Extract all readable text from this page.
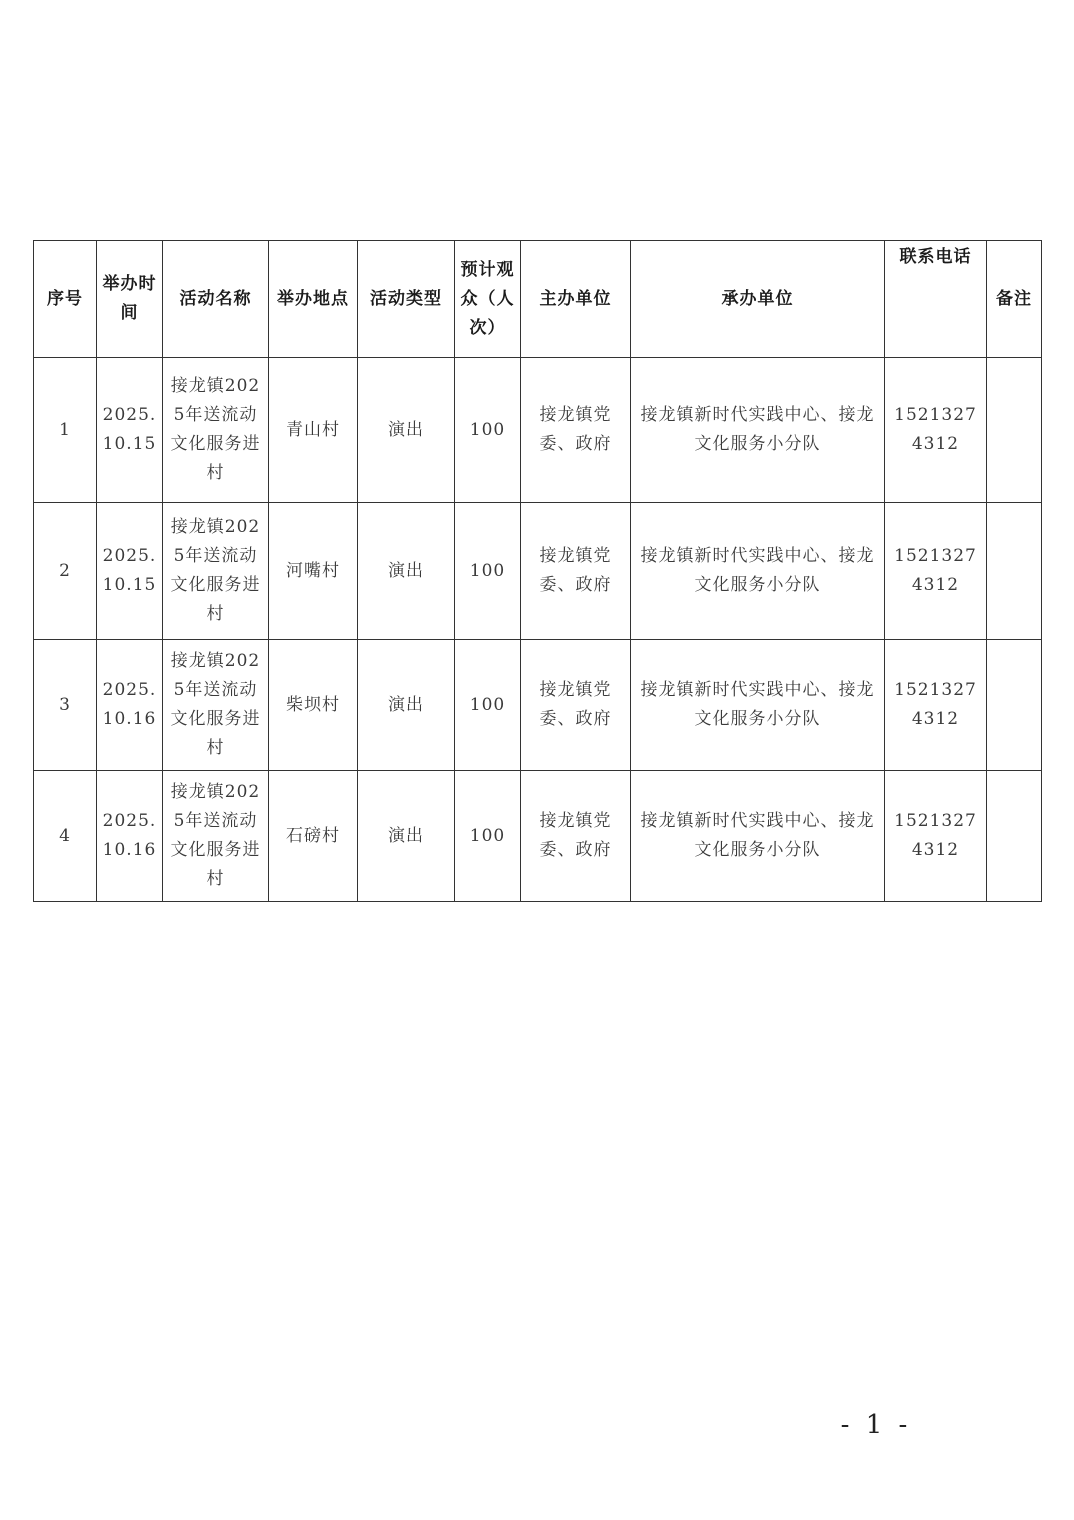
序号	举办时间	活动名称	举办地点	活动类型	预计观众（人次）	主办单位	承办单位	联系电话	备注
1	2025.10.15	接龙镇2025年送流动文化服务进村	青山村	演出	100	接龙镇党委、政府	接龙镇新时代实践中心、接龙文化服务小分队	15213274312	
2	2025.10.15	接龙镇2025年送流动文化服务进村	河嘴村	演出	100	接龙镇党委、政府	接龙镇新时代实践中心、接龙文化服务小分队	15213274312	
3	2025.10.16	接龙镇2025年送流动文化服务进村	柴坝村	演出	100	接龙镇党委、政府	接龙镇新时代实践中心、接龙文化服务小分队	15213274312	
4	2025.10.16	接龙镇2025年送流动文化服务进村	石磅村	演出	100	接龙镇党委、政府	接龙镇新时代实践中心、接龙文化服务小分队	15213274312	
- 1 -
